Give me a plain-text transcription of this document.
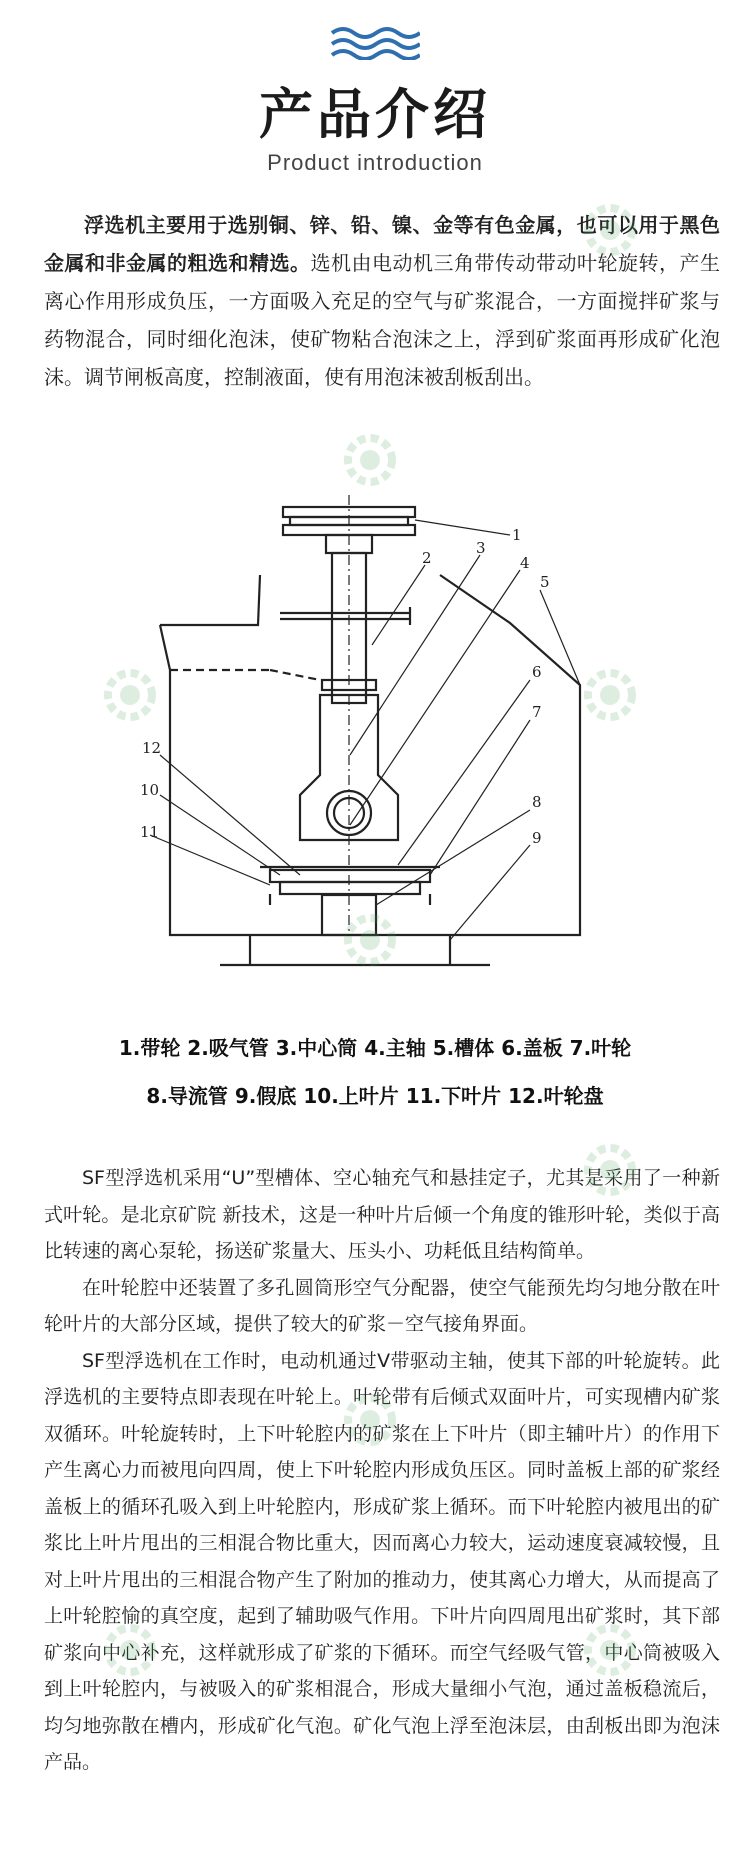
产品介绍
Product introduction
浮选机主要用于选别铜、锌、铅、镍、金等有色金属，也可以用于黑色金属和非金属的粗选和精选。选机由电动机三角带传动带动叶轮旋转，产生离心作用形成负压，一方面吸入充足的空气与矿浆混合，一方面搅拌矿浆与药物混合，同时细化泡沫，使矿物粘合泡沫之上，浮到矿浆面再形成矿化泡沫。调节闸板高度，控制液面，使有用泡沫被刮板刮出。
1
2
3
4
5
6
7
8
9
10
11
12
1.带轮 2.吸气管 3.中心筒 4.主轴 5.槽体 6.盖板 7.叶轮
8.导流管 9.假底 10.上叶片 11.下叶片 12.叶轮盘
SF型浮选机采用“U”型槽体、空心轴充气和悬挂定子，尤其是采用了一种新式叶轮。是北京矿院 新技术，这是一种叶片后倾一个角度的锥形叶轮，类似于高比转速的离心泵轮，扬送矿浆量大、压头小、功耗低且结构简单。
在叶轮腔中还装置了多孔圆筒形空气分配器，使空气能预先均匀地分散在叶轮叶片的大部分区域，提供了较大的矿浆－空气接角界面。
SF型浮选机在工作时，电动机通过V带驱动主轴，使其下部的叶轮旋转。此浮选机的主要特点即表现在叶轮上。叶轮带有后倾式双面叶片，可实现槽内矿浆双循环。叶轮旋转时，上下叶轮腔内的矿浆在上下叶片（即主辅叶片）的作用下产生离心力而被甩向四周，使上下叶轮腔内形成负压区。同时盖板上部的矿浆经盖板上的循环孔吸入到上叶轮腔内，形成矿浆上循环。而下叶轮腔内被甩出的矿浆比上叶片甩出的三相混合物比重大，因而离心力较大，运动速度衰减较慢，且对上叶片甩出的三相混合物产生了附加的推动力，使其离心力增大，从而提高了上叶轮腔愉的真空度，起到了辅助吸气作用。下叶片向四周甩出矿浆时，其下部矿浆向中心补充，这样就形成了矿浆的下循环。而空气经吸气管，中心筒被吸入到上叶轮腔内，与被吸入的矿浆相混合，形成大量细小气泡，通过盖板稳流后，均匀地弥散在槽内，形成矿化气泡。矿化气泡上浮至泡沫层，由刮板出即为泡沫产品。
